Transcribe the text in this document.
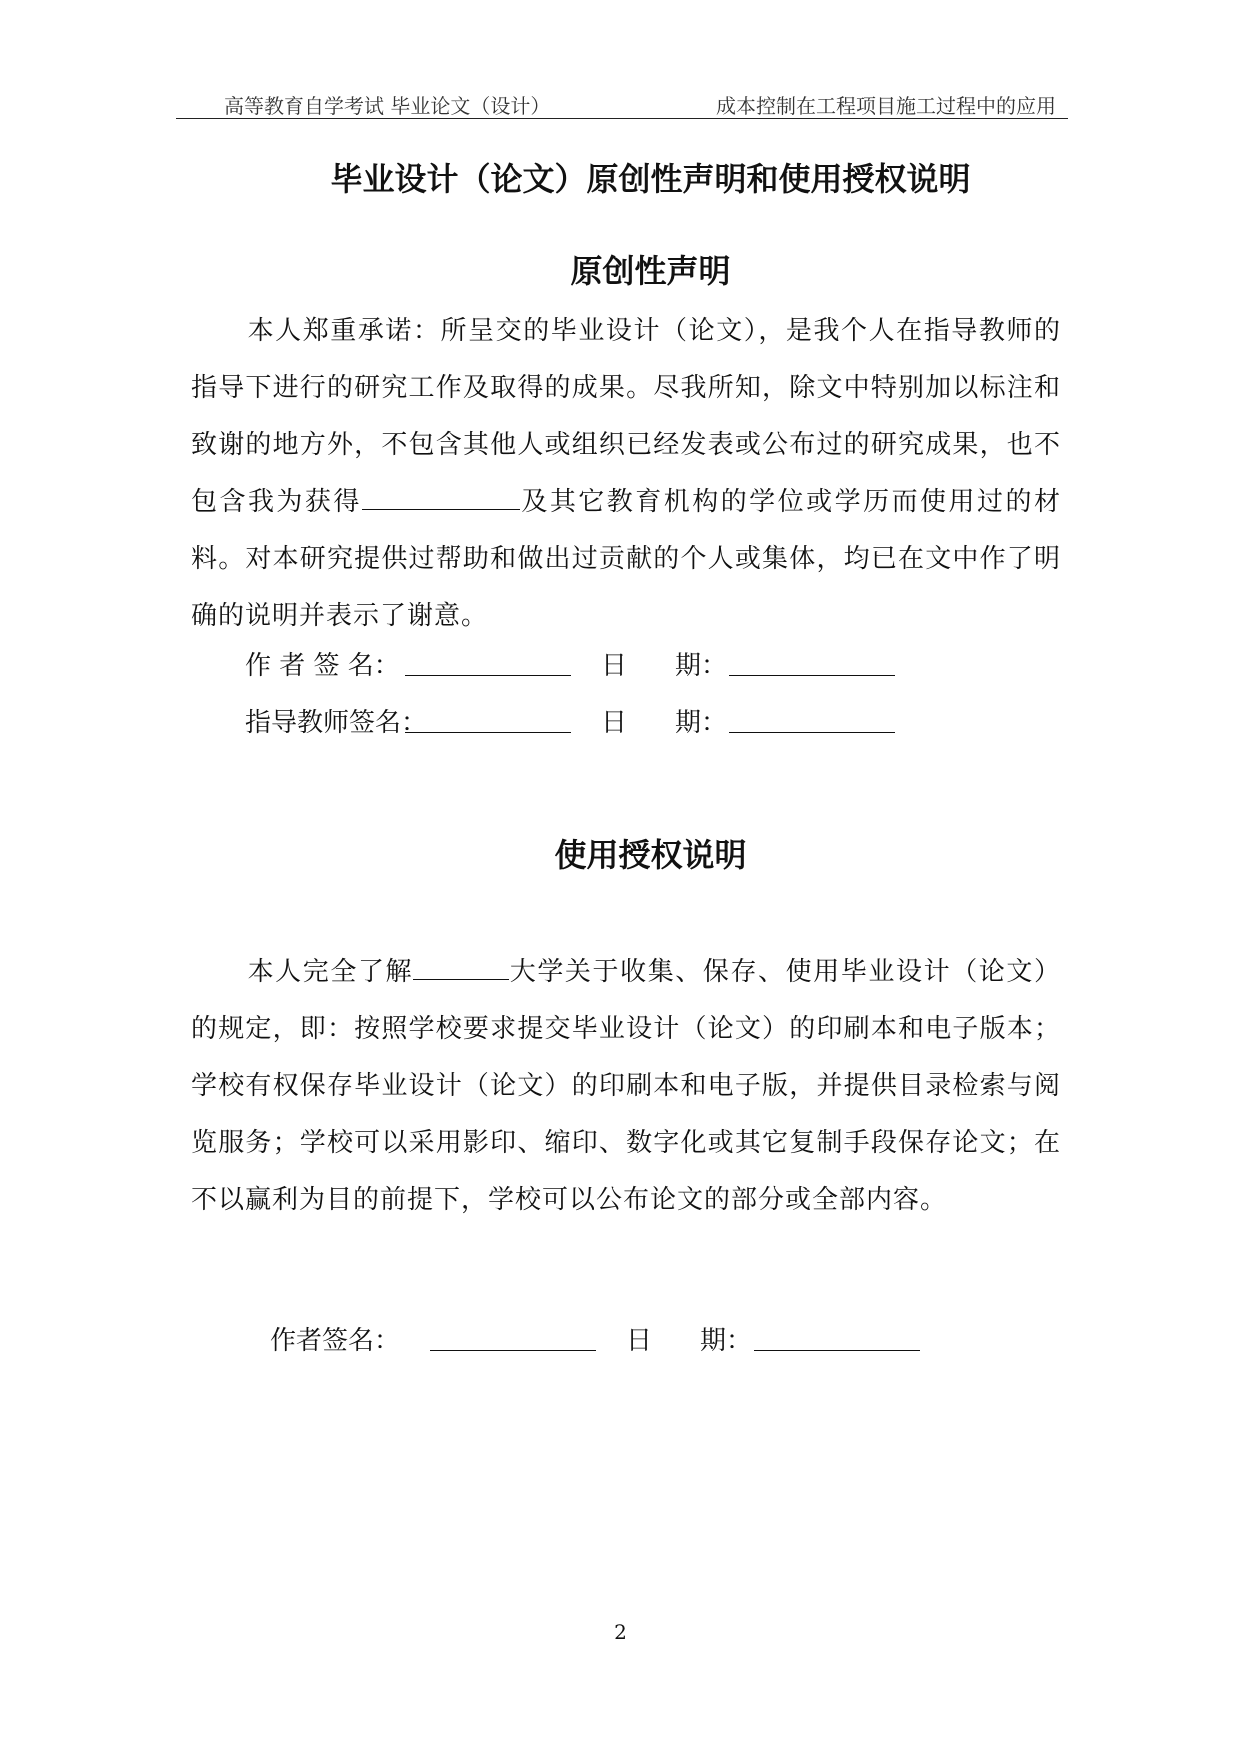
高等教育自学考试 毕业论文（设计）	成本控制在工程项目施工过程中的应用
毕业设计（论文）原创性声明和使用授权说明
原创性声明
本人郑重承诺：所呈交的毕业设计（论文），是我个人在指导教师的指导下进行的研究工作及取得的成果。尽我所知，除文中特别加以标注和致谢的地方外，不包含其他人或组织已经发表或公布过的研究成果，也不包含我为获得	及其它教育机构的学位或学历而使用过的材料。对本研究提供过帮助和做出过贡献的个人或集体，均已在文中作了明确的说明并表示了谢意。
作 者 签 名：	日 期：
指导教师签名：	日 期：
使用授权说明
本人完全了解	大学关于收集、保存、使用毕业设计（论文）的规定，即：按照学校要求提交毕业设计（论文）的印刷本和电子版本；学校有权保存毕业设计（论文）的印刷本和电子版，并提供目录检索与阅览服务；学校可以采用影印、缩印、数字化或其它复制手段保存论文；在不以赢利为目的前提下，学校可以公布论文的部分或全部内容。
作者签名：	日 期：
2
